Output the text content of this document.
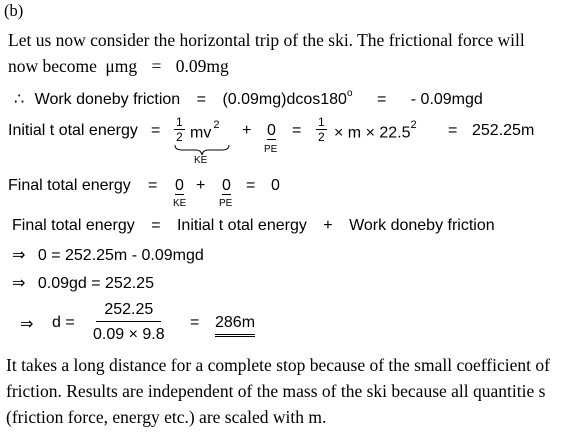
(b)
Let us now consider the horizontal trip of the ski. The frictional force will
now become μmg = 0.09mg
∴ Work doneby friction = $(0.09mg)dcos180^o$ = - 0.09mgd
Initial t otal energy = $\frac{1}{2}$ mv $^2$
KE
+ 0
PE
= $\frac{1}{2} \times m \times 22.5^2 = 252.25m$
Final total energy = 0
KE
+ 0
PE
= 0
Final total energy = Initial t otal energy + Work doneby friction
⇒ 0 = 252.25m - 0.09mgd
⇒ 0.09gd = 252.25
⇒ $d = \frac{252.25}{0.09 \times 9.8} = 286m$
It takes a long distance for a complete stop because of the small coefficient of
friction. Results are independent of the mass of the ski because all quantitie s
(friction force, energy etc.) are scaled with m.
